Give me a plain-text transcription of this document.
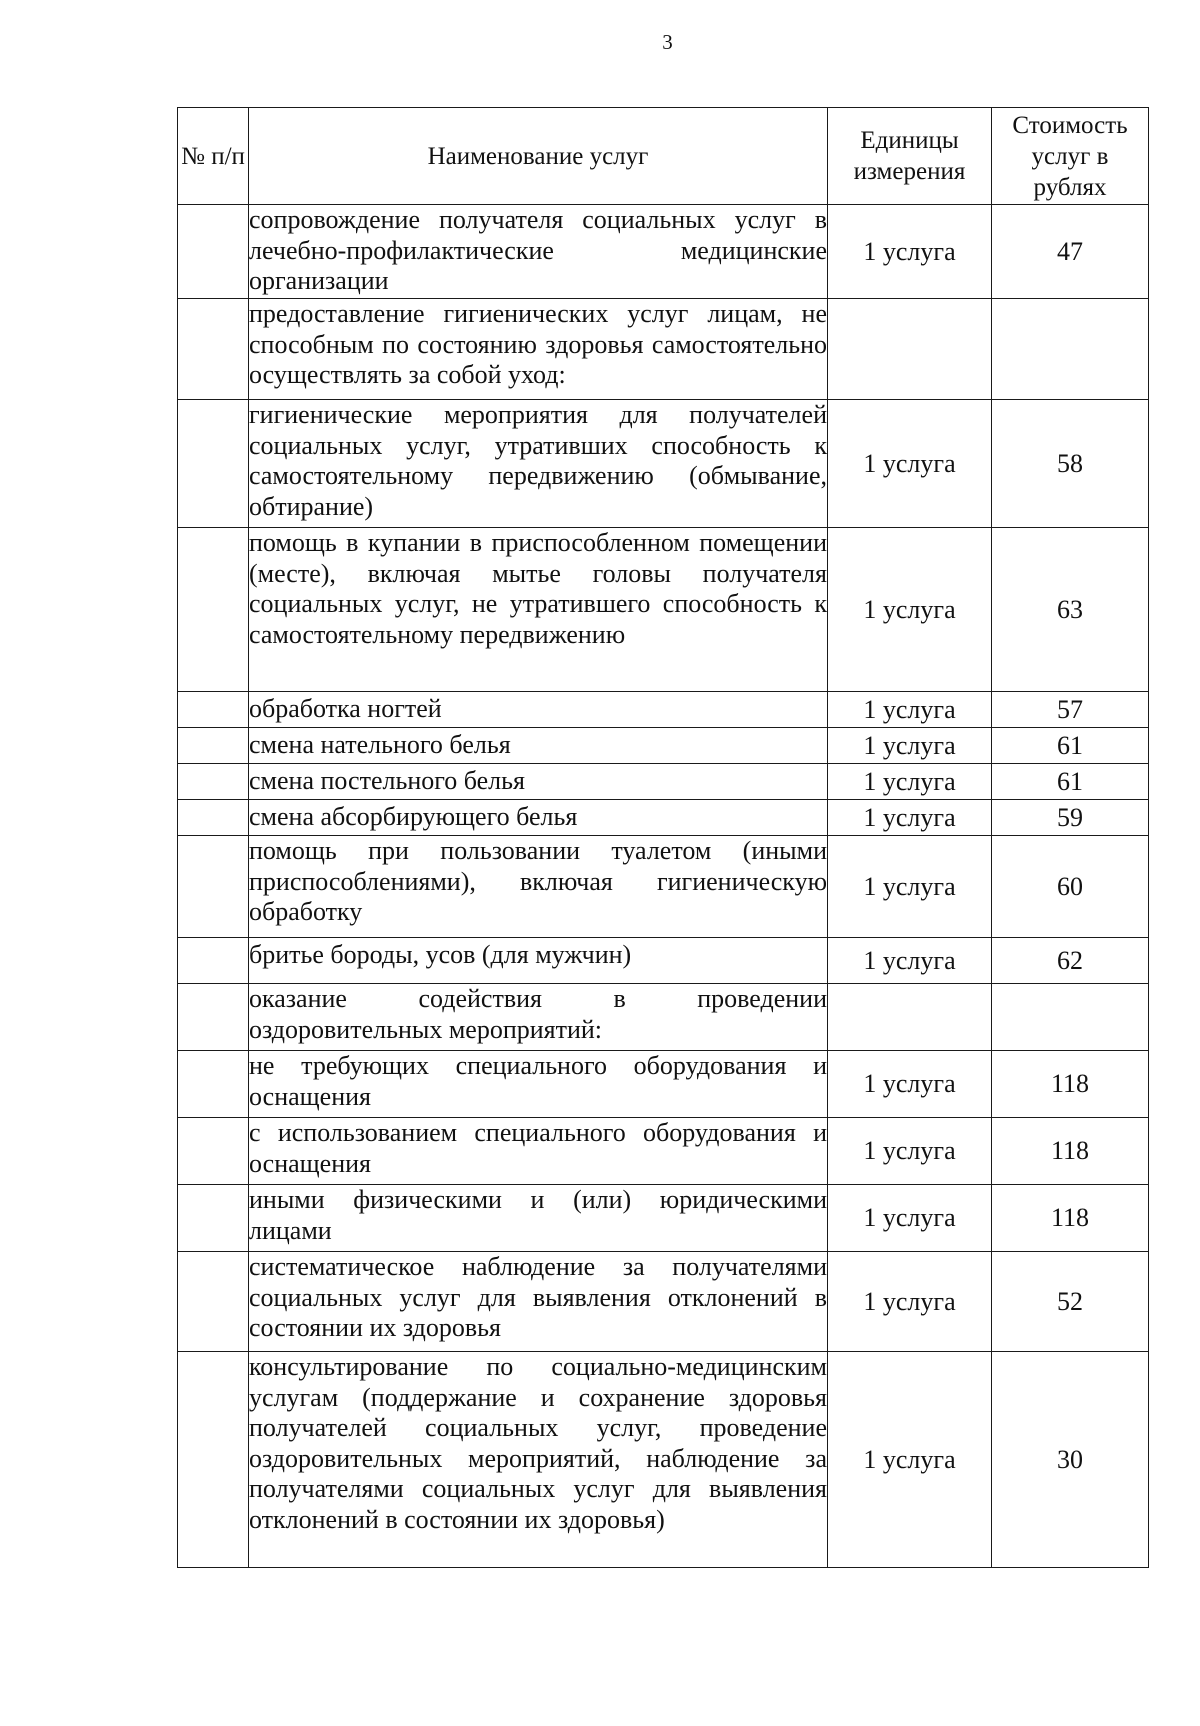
3
№ п/п	Наименование услуг	Единицы измерения	Стоимость услуг в рублях
	сопровождение получателя социальных услуг в лечебно-профилактические медицинские организации	1 услуга	47
	предоставление гигиенических услуг лицам, не способным по состоянию здоровья самостоятельно осуществлять за собой уход:		
	гигиенические мероприятия для получателей социальных услуг, утративших способность к самостоятельному передвижению (обмывание, обтирание)	1 услуга	58
	помощь в купании в приспособленном помещении (месте), включая мытье головы получателя социальных услуг, не утратившего способность к самостоятельному передвижению	1 услуга	63
	обработка ногтей	1 услуга	57
	смена нательного белья	1 услуга	61
	смена постельного белья	1 услуга	61
	смена абсорбирующего белья	1 услуга	59
	помощь при пользовании туалетом (иными приспособлениями), включая гигиеническую обработку	1 услуга	60
	бритье бороды, усов (для мужчин)	1 услуга	62
	оказание содействия в проведении оздоровительных мероприятий:		
	не требующих специального оборудования и оснащения	1 услуга	118
	с использованием специального оборудования и оснащения	1 услуга	118
	иными физическими и (или) юридическими лицами	1 услуга	118
	систематическое наблюдение за получателями социальных услуг для выявления отклонений в состоянии их здоровья	1 услуга	52
	консультирование по социально-медицинским услугам (поддержание и сохранение здоровья получателей социальных услуг, проведение оздоровительных мероприятий, наблюдение за получателями социальных услуг для выявления отклонений в состоянии их здоровья)	1 услуга	30
